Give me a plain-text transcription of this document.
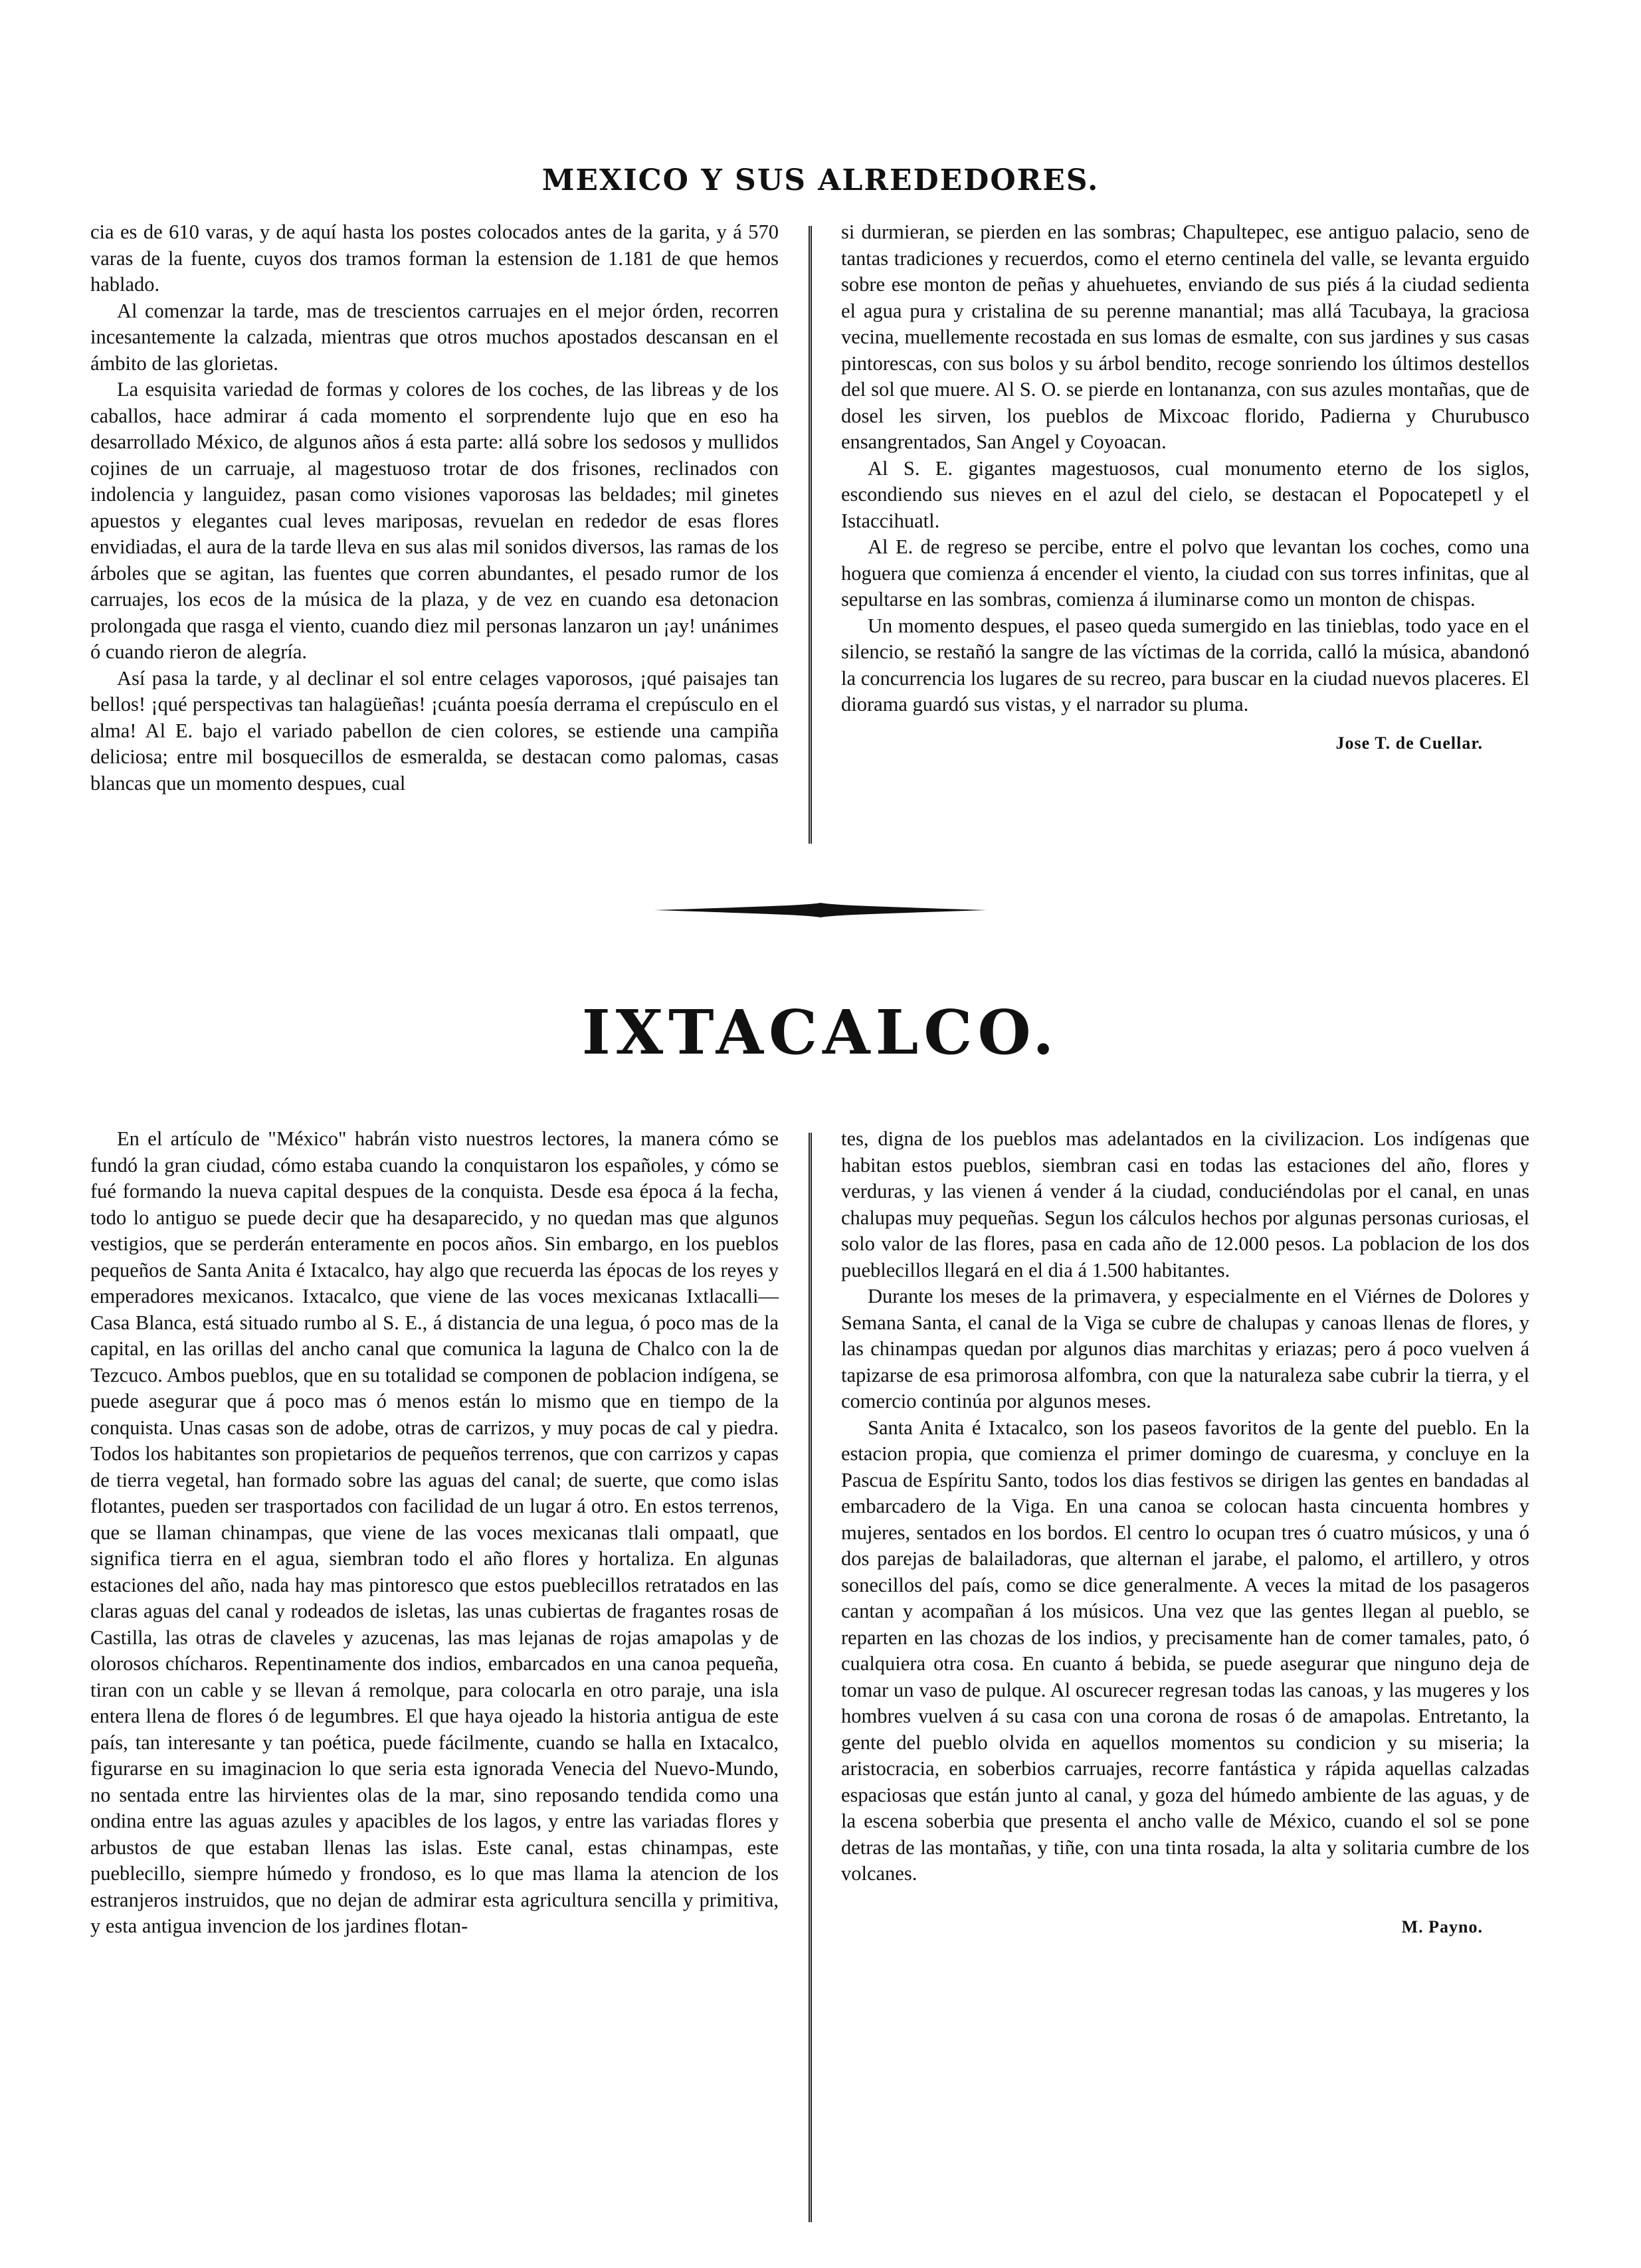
MEXICO Y SUS ALREDEDORES.

cia es de 610 varas, y de aquí hasta los postes colocados antes de la garita, y á 570 varas de la fuente, cuyos dos tramos forman la estension de 1.181 de que hemos hablado.

Al comenzar la tarde, mas de trescientos carruajes en el mejor órden, recorren incesantemente la calzada, mientras que otros muchos apostados descansan en el ámbito de las glorietas.

La esquisita variedad de formas y colores de los coches, de las libreas y de los caballos, hace admirar á cada momento el sorprendente lujo que en eso ha desarrollado México, de algunos años á esta parte: allá sobre los sedosos y mullidos cojines de un carruaje, al magestuoso trotar de dos frisones, reclinados con indolencia y languidez, pasan como visiones vaporosas las beldades; mil ginetes apuestos y elegantes cual leves mariposas, revuelan en rededor de esas flores envidiadas, el aura de la tarde lleva en sus alas mil sonidos diversos, las ramas de los árboles que se agitan, las fuentes que corren abundantes, el pesado rumor de los carruajes, los ecos de la música de la plaza, y de vez en cuando esa detonacion prolongada que rasga el viento, cuando diez mil personas lanzaron un ¡ay! unánimes ó cuando rieron de alegría.

Así pasa la tarde, y al declinar el sol entre celages vaporosos, ¡qué paisajes tan bellos! ¡qué perspectivas tan halagüeñas! ¡cuánta poesía derrama el crepúsculo en el alma! Al E. bajo el variado pabellon de cien colores, se estiende una campiña deliciosa; entre mil bosquecillos de esmeralda, se destacan como palomas, casas blancas que un momento despues, cual

si durmieran, se pierden en las sombras; Chapultepec, ese antiguo palacio, seno de tantas tradiciones y recuerdos, como el eterno centinela del valle, se levanta erguido sobre ese monton de peñas y ahuehuetes, enviando de sus piés á la ciudad sedienta el agua pura y cristalina de su perenne manantial; mas allá Tacubaya, la graciosa vecina, muellemente recostada en sus lomas de esmalte, con sus jardines y sus casas pintorescas, con sus bolos y su árbol bendito, recoge sonriendo los últimos destellos del sol que muere. Al S. O. se pierde en lontananza, con sus azules montañas, que de dosel les sirven, los pueblos de Mixcoac florido, Padierna y Churubusco ensangrentados, San Angel y Coyoacan.

Al S. E. gigantes magestuosos, cual monumento eterno de los siglos, escondiendo sus nieves en el azul del cielo, se destacan el Popocatepetl y el Istaccihuatl.

Al E. de regreso se percibe, entre el polvo que levantan los coches, como una hoguera que comienza á encender el viento, la ciudad con sus torres infinitas, que al sepultarse en las sombras, comienza á iluminarse como un monton de chispas.

Un momento despues, el paseo queda sumergido en las tinieblas, todo yace en el silencio, se restañó la sangre de las víctimas de la corrida, calló la música, abandonó la concurrencia los lugares de su recreo, para buscar en la ciudad nuevos placeres. El diorama guardó sus vistas, y el narrador su pluma.

Jose T. de Cuellar.
IXTACALCO.

En el artículo de "México" habrán visto nuestros lectores, la manera cómo se fundó la gran ciudad, cómo estaba cuando la conquistaron los españoles, y cómo se fué formando la nueva capital despues de la conquista. Desde esa época á la fecha, todo lo antiguo se puede decir que ha desaparecido, y no quedan mas que algunos vestigios, que se perderán enteramente en pocos años. Sin embargo, en los pueblos pequeños de Santa Anita é Ixtacalco, hay algo que recuerda las épocas de los reyes y emperadores mexicanos. Ixtacalco, que viene de las voces mexicanas Ixtlacalli—Casa Blanca, está situado rumbo al S. E., á distancia de una legua, ó poco mas de la capital, en las orillas del ancho canal que comunica la laguna de Chalco con la de Tezcuco. Ambos pueblos, que en su totalidad se componen de poblacion indígena, se puede asegurar que á poco mas ó menos están lo mismo que en tiempo de la conquista. Unas casas son de adobe, otras de carrizos, y muy pocas de cal y piedra. Todos los habitantes son propietarios de pequeños terrenos, que con carrizos y capas de tierra vegetal, han formado sobre las aguas del canal; de suerte, que como islas flotantes, pueden ser trasportados con facilidad de un lugar á otro. En estos terrenos, que se llaman chinampas, que viene de las voces mexicanas tlali ompaatl, que significa tierra en el agua, siembran todo el año flores y hortaliza. En algunas estaciones del año, nada hay mas pintoresco que estos pueblecillos retratados en las claras aguas del canal y rodeados de isletas, las unas cubiertas de fragantes rosas de Castilla, las otras de claveles y azucenas, las mas lejanas de rojas amapolas y de olorosos chícharos. Repentinamente dos indios, embarcados en una canoa pequeña, tiran con un cable y se llevan á remolque, para colocarla en otro paraje, una isla entera llena de flores ó de legumbres. El que haya ojeado la historia antigua de este país, tan interesante y tan poética, puede fácilmente, cuando se halla en Ixtacalco, figurarse en su imaginacion lo que seria esta ignorada Venecia del Nuevo-Mundo, no sentada entre las hirvientes olas de la mar, sino reposando tendida como una ondina entre las aguas azules y apacibles de los lagos, y entre las variadas flores y arbustos de que estaban llenas las islas. Este canal, estas chinampas, este pueblecillo, siempre húmedo y frondoso, es lo que mas llama la atencion de los estranjeros instruidos, que no dejan de admirar esta agricultura sencilla y primitiva, y esta antigua invencion de los jardines flotan-

tes, digna de los pueblos mas adelantados en la civilizacion. Los indígenas que habitan estos pueblos, siembran casi en todas las estaciones del año, flores y verduras, y las vienen á vender á la ciudad, conduciéndolas por el canal, en unas chalupas muy pequeñas. Segun los cálculos hechos por algunas personas curiosas, el solo valor de las flores, pasa en cada año de 12.000 pesos. La poblacion de los dos pueblecillos llegará en el dia á 1.500 habitantes.

Durante los meses de la primavera, y especialmente en el Viérnes de Dolores y Semana Santa, el canal de la Viga se cubre de chalupas y canoas llenas de flores, y las chinampas quedan por algunos dias marchitas y eriazas; pero á poco vuelven á tapizarse de esa primorosa alfombra, con que la naturaleza sabe cubrir la tierra, y el comercio continúa por algunos meses.

Santa Anita é Ixtacalco, son los paseos favoritos de la gente del pueblo. En la estacion propia, que comienza el primer domingo de cuaresma, y concluye en la Pascua de Espíritu Santo, todos los dias festivos se dirigen las gentes en bandadas al embarcadero de la Viga. En una canoa se colocan hasta cincuenta hombres y mujeres, sentados en los bordos. El centro lo ocupan tres ó cuatro músicos, y una ó dos parejas de balailadoras, que alternan el jarabe, el palomo, el artillero, y otros sonecillos del país, como se dice generalmente. A veces la mitad de los pasageros cantan y acompañan á los músicos. Una vez que las gentes llegan al pueblo, se reparten en las chozas de los indios, y precisamente han de comer tamales, pato, ó cualquiera otra cosa. En cuanto á bebida, se puede asegurar que ninguno deja de tomar un vaso de pulque. Al oscurecer regresan todas las canoas, y las mugeres y los hombres vuelven á su casa con una corona de rosas ó de amapolas. Entretanto, la gente del pueblo olvida en aquellos momentos su condicion y su miseria; la aristocracia, en soberbios carruajes, recorre fantástica y rápida aquellas calzadas espaciosas que están junto al canal, y goza del húmedo ambiente de las aguas, y de la escena soberbia que presenta el ancho valle de México, cuando el sol se pone detras de las montañas, y tiñe, con una tinta rosada, la alta y solitaria cumbre de los volcanes.

M. Payno.
